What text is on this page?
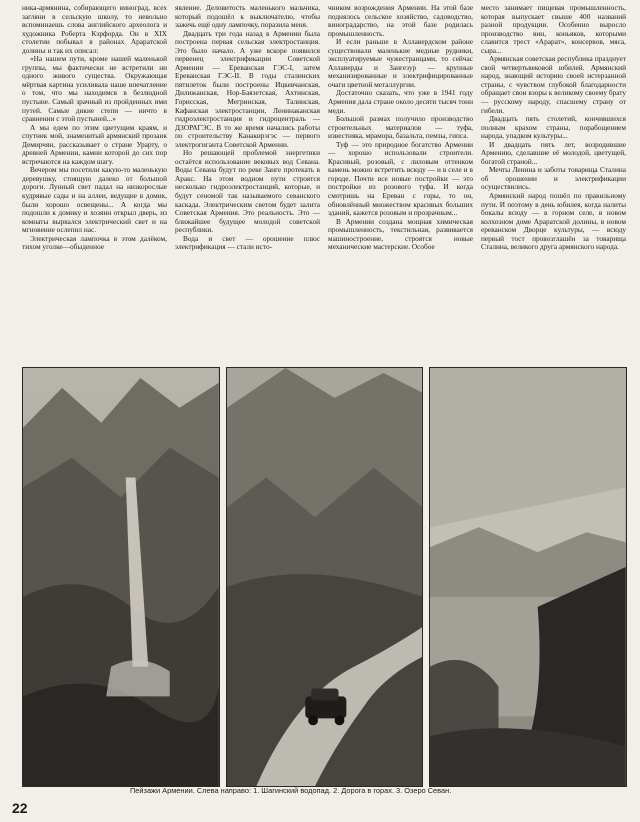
ника-армянина, собирающего виноград, всех загляни в сельскую школу, то невольно вспоминаешь слова английского археолога и художника Роберта Кэрфорда. Он в XIX столетии побывал в районах Араратской долины и так их описал:

«На нашем пути, кроме нашей маленькой группы, мы фактически не встретили ни одного живого существа. Окружающая мёртвая картина усиливала наше впечатление о том, что мы находимся в безлюдной пустыне. Самый зрачный из пройденных ими путей. Самые дикие степи — ничто в сравнении с этой пустыней...»

А мы едем по этим цветущим краям, и спутник мой, знаменитый армянский прозаик Демирчян, рассказывает о стране Урарту, о древней Армении, камни которой до сих пор встречаются на каждом шагу.

Вечером мы посетили какую-то маленькую деревушку, стоящую далеко от большой дороги. Лунный свет падал на низкорослые кудрявые сады и на аллеи, ведущие в домик, были хорошо освещены... А когда мы подошли к домику и хозяин открыл дверь, из комнаты вырвался электрический свет и на мгновение ослепил нас.

Электрическая лампочка в этом далёком, тихом уголке—обыденное

явление. Деловитость маленького мальчика, который подошёл к выключателю, чтобы зажечь ещё одну лампочку, поразила меня.

Двадцать три года назад в Армении была построена первая сельская электростанция. Это было начало. А уже вскоре появился первенец электрификации Советской Армении — Ереванская ГЭС-I, затем Ереванская ГЭС-II. В годы сталинских пятилеток были построены Ицкевчанская, Дилижанская, Нор-Баязетская, Ахтинская, Горисская, Мегринская, Талинская, Кафанская электростанции, Ленинаканская гидроэлектростанция и гидроцентраль — ДЗОРАГЭС. В то же время начались работы по строительству Канакирэгэс — первого электрогиганта Советской Армении.

Но решающей проблемой энергетики остаётся использование вековых вод Севана. Воды Севана будут по реке Занге протекать в Аракс. На этом водном пути строятся несколько гидроэлектростанций, которые, и будут сеномой так называемого севанского каскада. Электрическим светом будет залита Советская Армения. Это реальность. Это — ближайшее будущее молодой советской республики.

Вода и свет — орошение плюс электрификация — стали исто-

чником возрождения Армении. На этой базе поднялось сельское хозяйство, садоводство, виноградарство, на этой базе родилась промышленность.

И если раньше в Аллавердском районе существовали маленькие медные рудники, эксплуатируемые чужестранцами, то сейчас Аллаверды и Зангезур — крупные механизированные и электрифицированные очаги цветной металлургии.

Достаточно сказать, что уже в 1941 году Армения дала стране около десяти тысяч тонн меди.

Большой размах получило производство строительных материалов — туфа, известняка, мрамора, базальта, пемзы, гипса.

Туф — это природное богатство Армении — хорошо использовали строители. Красивый, розовый, с лиловым оттенком камень можно встретить всюду — и в селе и в городе. Почти все новые постройки — это постройки из розового туфа. И когда смотришь на Ереван с горы, то он, обновлённый множеством красивых больших зданий, кажется розовым и прозрачным...

В Армении создана мощная химическая промышленность, текстильная, развивается машиностроение, строятся новые механические мастерские. Особое

место занимает пищевая промышленность, которая выпускает свыше 400 названий разной продукции. Особенно выросло производство вин, коньяков, которыми славится трест «Арарат», консервов, мяса, сыра...

Армянская советская республика празднует свой четвертьвековой юбилей. Армянский народ, знающий историю своей истерзанной страны, с чувством глубокой благодарности обращает свои взоры к великому своему брату — русскому народу, спасшему страну от гибели.

Двадцать пять столетий, кончившихся полным крахом страны, порабощением народа, упадком культуры...

И двадцать пять лет, возродившие Армению, сделавшие её молодой, цветущей, богатой страной...

Мечты Ленина и заботы товарища Сталина об орошении и электрификации осуществились.

Армянский народ пошёл по правильному пути. И поэтому в день юбилея, когда налиты бокалы всюду — в горном селе, в новом колхозном доме Араратской долины, в новом ереванском Дворце культуры, — всюду первый тост провозглашён за товарища Сталина, великого друга армянского народа.

Пейзажи Армении. Слева направо: 1. Шагинский водопад. 2. Дорога в горах. 3. Озеро Севан.
22
